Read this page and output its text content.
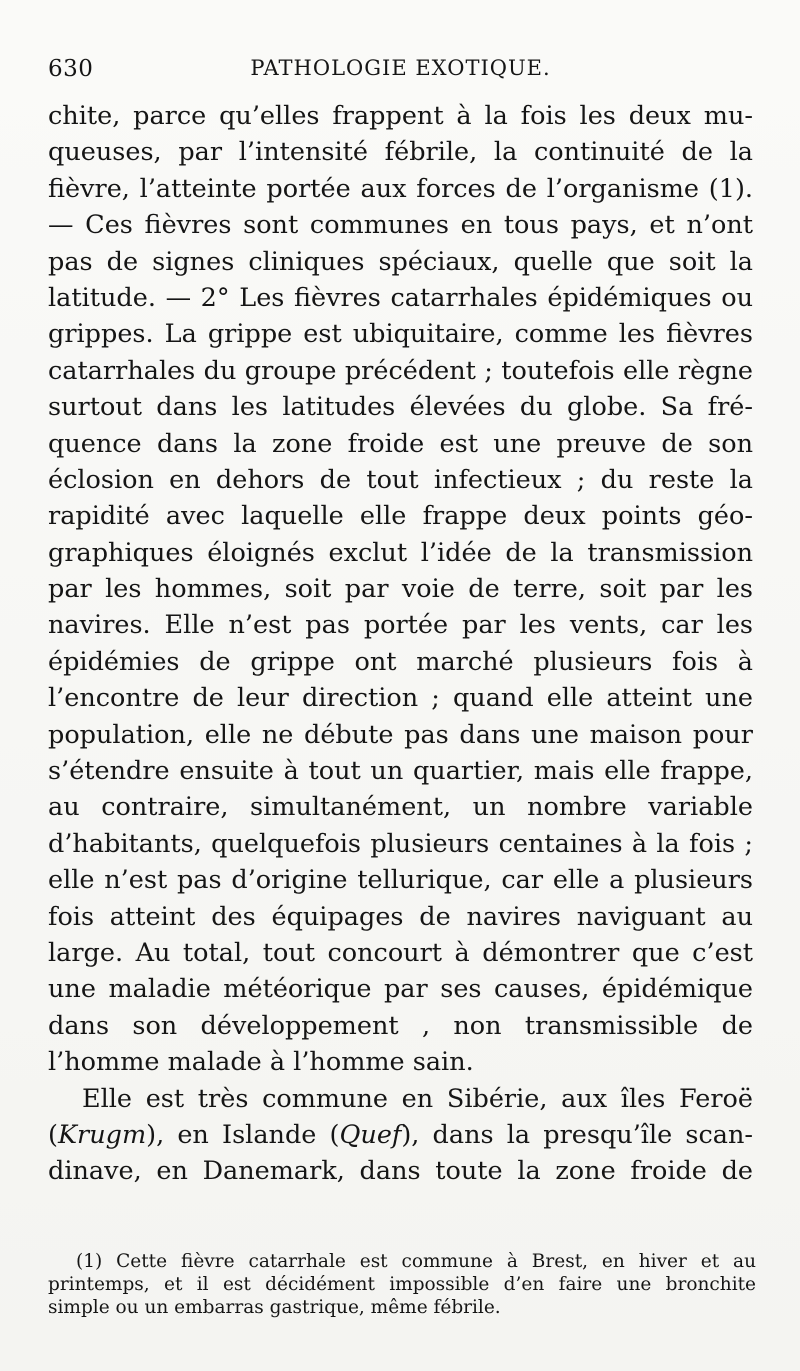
630	PATHOLOGIE EXOTIQUE.
chite, parce qu’elles frappent à la fois les deux mu-
queuses, par l’intensité fébrile, la continuité de la
fièvre, l’atteinte portée aux forces de l’organisme (1).
— Ces fièvres sont communes en tous pays, et n’ont
pas de signes cliniques spéciaux, quelle que soit la
latitude. — 2° Les fièvres catarrhales épidémiques ou
grippes. La grippe est ubiquitaire, comme les fièvres
catarrhales du groupe précédent ; toutefois elle règne
surtout dans les latitudes élevées du globe. Sa fré-
quence dans la zone froide est une preuve de son
éclosion en dehors de tout infectieux ; du reste la
rapidité avec laquelle elle frappe deux points géo-
graphiques éloignés exclut l’idée de la transmission
par les hommes, soit par voie de terre, soit par les
navires. Elle n’est pas portée par les vents, car les
épidémies de grippe ont marché plusieurs fois à
l’encontre de leur direction ; quand elle atteint une
population, elle ne débute pas dans une maison pour
s’étendre ensuite à tout un quartier, mais elle frappe,
au contraire, simultanément, un nombre variable
d’habitants, quelquefois plusieurs centaines à la fois ;
elle n’est pas d’origine tellurique, car elle a plusieurs
fois atteint des équipages de navires naviguant au
large. Au total, tout concourt à démontrer que c’est
une maladie météorique par ses causes, épidémique
dans son développement , non transmissible de
l’homme malade à l’homme sain.
Elle est très commune en Sibérie, aux îles Feroë
(Krugm), en Islande (Quef), dans la presqu’île scan-
dinave, en Danemark, dans toute la zone froide de
(1) Cette fièvre catarrhale est commune à Brest, en hiver et au
printemps, et il est décidément impossible d’en faire une bronchite
simple ou un embarras gastrique, même fébrile.
